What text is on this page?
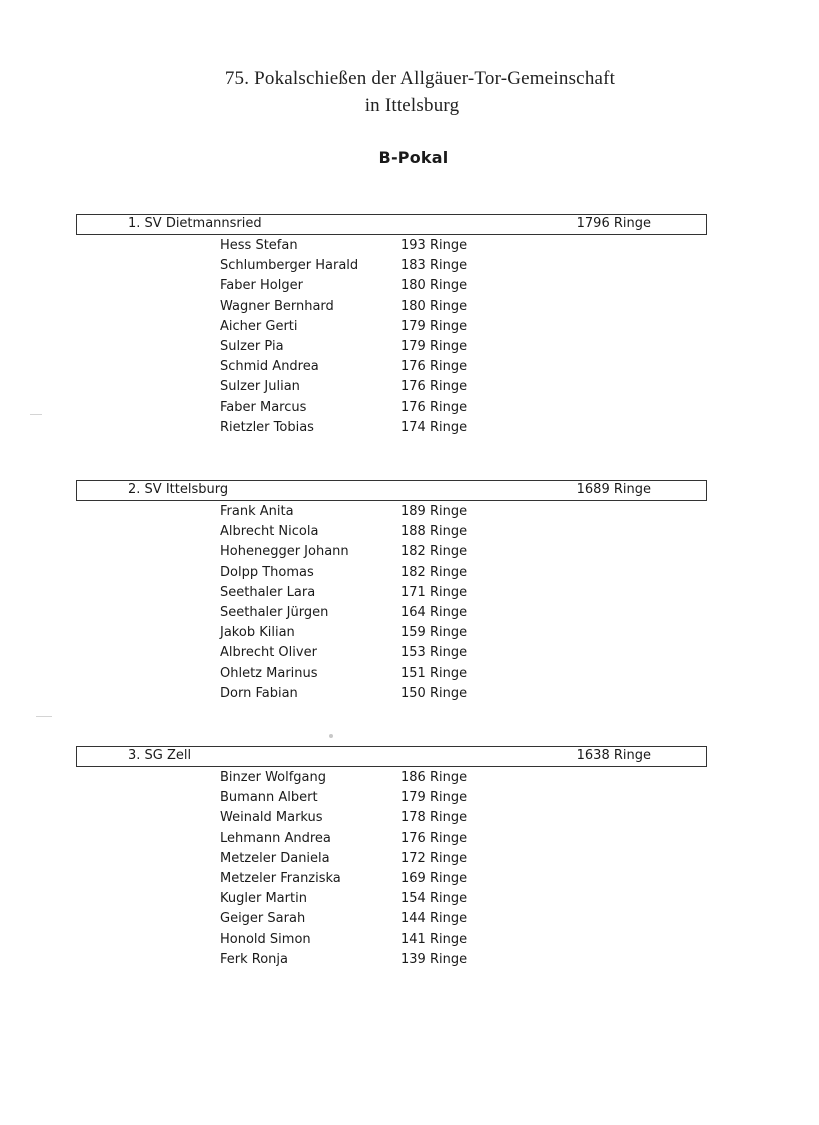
75. Pokalschießen der Allgäuer-Tor-Gemeinschaft
in Ittelsburg
B-Pokal
1. SV Dietmannsried	1796 Ringe
Hess Stefan	193 Ringe
Schlumberger Harald	183 Ringe
Faber Holger	180 Ringe
Wagner Bernhard	180 Ringe
Aicher Gerti	179 Ringe
Sulzer Pia	179 Ringe
Schmid Andrea	176 Ringe
Sulzer Julian	176 Ringe
Faber Marcus	176 Ringe
Rietzler Tobias	174 Ringe
2. SV Ittelsburg	1689 Ringe
Frank Anita	189 Ringe
Albrecht Nicola	188 Ringe
Hohenegger Johann	182 Ringe
Dolpp Thomas	182 Ringe
Seethaler Lara	171 Ringe
Seethaler Jürgen	164 Ringe
Jakob Kilian	159 Ringe
Albrecht Oliver	153 Ringe
Ohletz Marinus	151 Ringe
Dorn Fabian	150 Ringe
3. SG Zell	1638 Ringe
Binzer Wolfgang	186 Ringe
Bumann Albert	179 Ringe
Weinald Markus	178 Ringe
Lehmann Andrea	176 Ringe
Metzeler Daniela	172 Ringe
Metzeler Franziska	169 Ringe
Kugler Martin	154 Ringe
Geiger Sarah	144 Ringe
Honold Simon	141 Ringe
Ferk Ronja	139 Ringe
